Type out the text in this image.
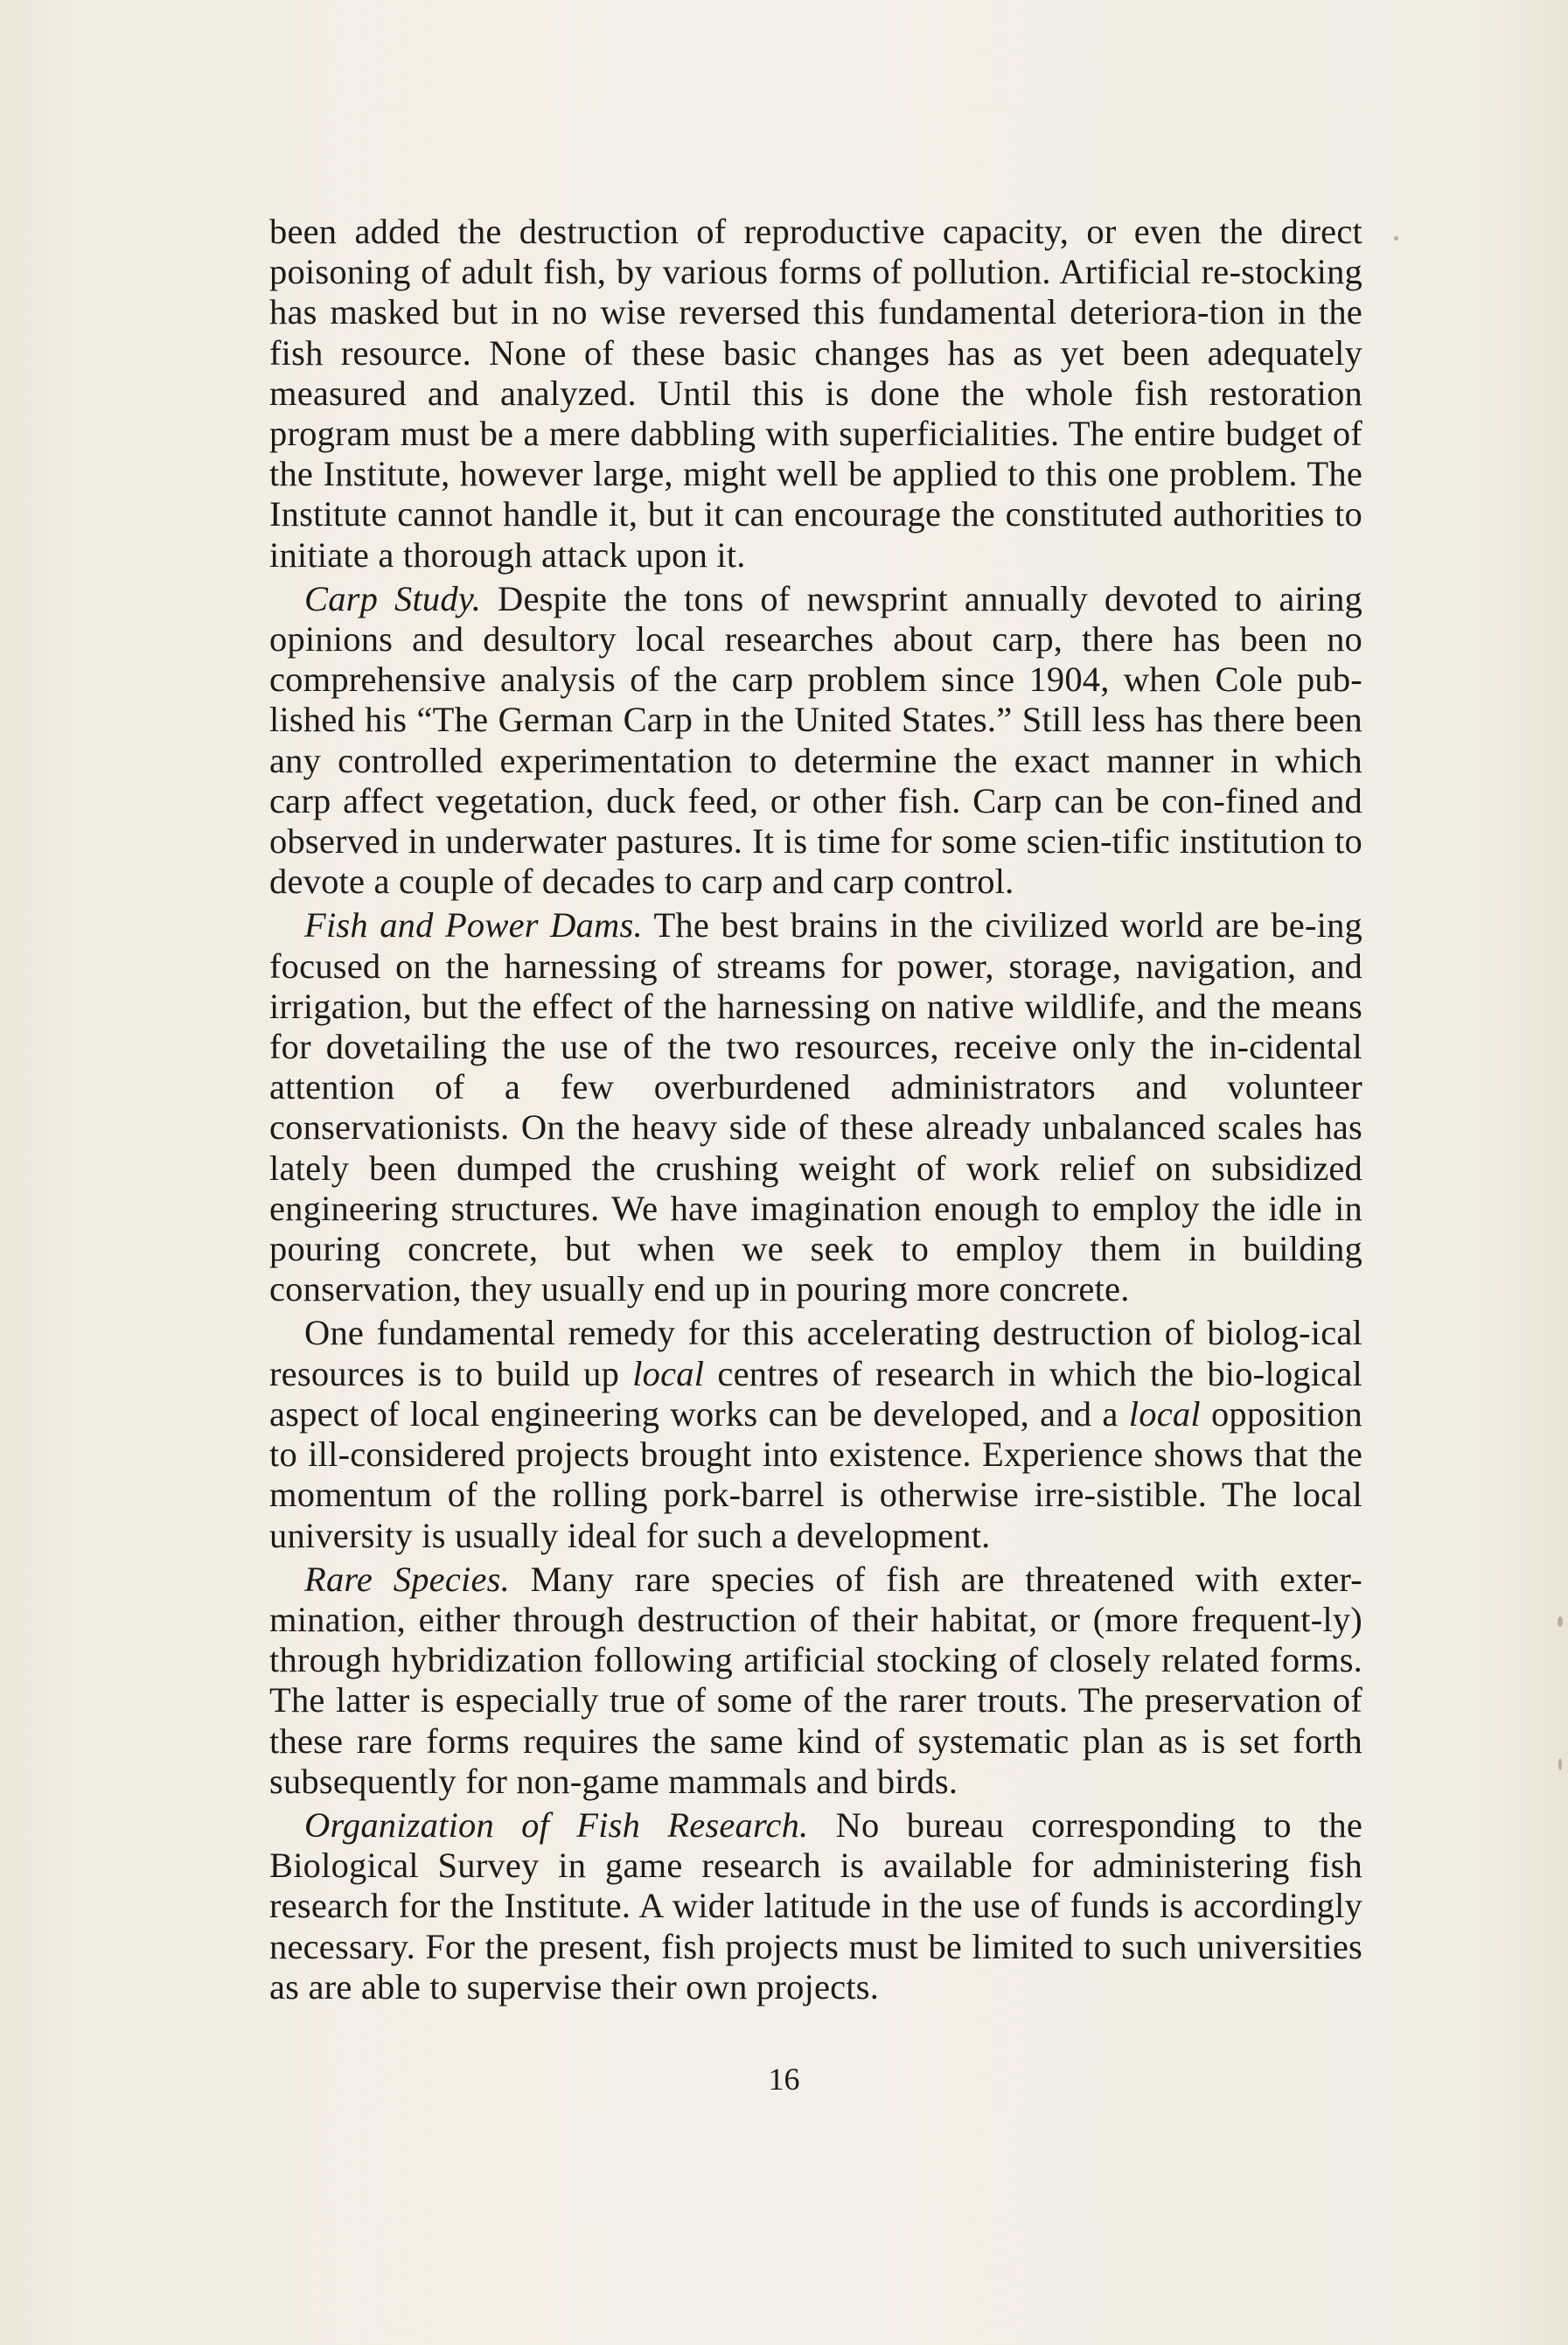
been added the destruction of reproductive capacity, or even the direct poisoning of adult fish, by various forms of pollution. Artificial re-stocking has masked but in no wise reversed this fundamental deteriora-tion in the fish resource. None of these basic changes has as yet been adequately measured and analyzed. Until this is done the whole fish restoration program must be a mere dabbling with superficialities. The entire budget of the Institute, however large, might well be applied to this one problem. The Institute cannot handle it, but it can encourage the constituted authorities to initiate a thorough attack upon it.

Carp Study. Despite the tons of newsprint annually devoted to airing opinions and desultory local researches about carp, there has been no comprehensive analysis of the carp problem since 1904, when Cole pub-lished his “The German Carp in the United States.” Still less has there been any controlled experimentation to determine the exact manner in which carp affect vegetation, duck feed, or other fish. Carp can be con-fined and observed in underwater pastures. It is time for some scien-tific institution to devote a couple of decades to carp and carp control.

Fish and Power Dams. The best brains in the civilized world are be-ing focused on the harnessing of streams for power, storage, navigation, and irrigation, but the effect of the harnessing on native wildlife, and the means for dovetailing the use of the two resources, receive only the in-cidental attention of a few overburdened administrators and volunteer conservationists. On the heavy side of these already unbalanced scales has lately been dumped the crushing weight of work relief on subsidized engineering structures. We have imagination enough to employ the idle in pouring concrete, but when we seek to employ them in building conservation, they usually end up in pouring more concrete.

One fundamental remedy for this accelerating destruction of biolog-ical resources is to build up local centres of research in which the bio-logical aspect of local engineering works can be developed, and a local opposition to ill-considered projects brought into existence. Experience shows that the momentum of the rolling pork-barrel is otherwise irre-sistible. The local university is usually ideal for such a development.

Rare Species. Many rare species of fish are threatened with exter-mination, either through destruction of their habitat, or (more frequent-ly) through hybridization following artificial stocking of closely related forms. The latter is especially true of some of the rarer trouts. The preservation of these rare forms requires the same kind of systematic plan as is set forth subsequently for non-game mammals and birds.

Organization of Fish Research. No bureau corresponding to the Biological Survey in game research is available for administering fish research for the Institute. A wider latitude in the use of funds is accordingly necessary. For the present, fish projects must be limited to such universities as are able to supervise their own projects.

16
